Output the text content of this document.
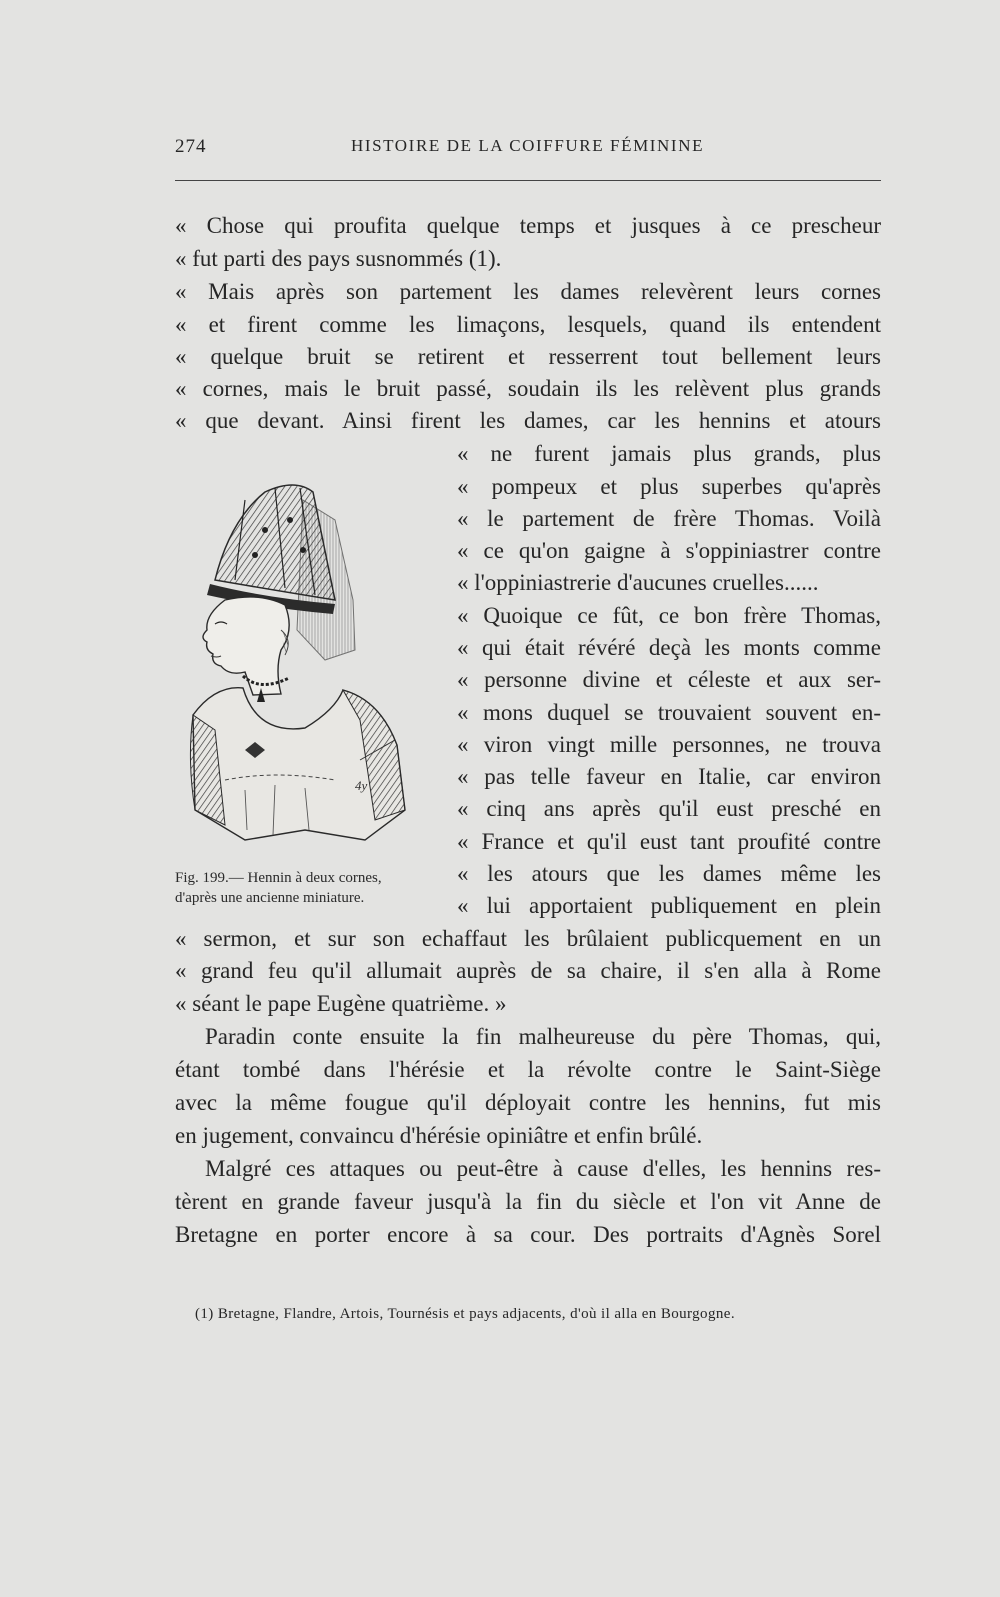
274	HISTOIRE DE LA COIFFURE FÉMININE
« Chose qui proufita quelque temps et jusques à ce prescheur
« fut parti des pays susnommés (1).
« Mais après son partement les dames relevèrent leurs cornes
« et firent comme les limaçons, lesquels, quand ils entendent
« quelque bruit se retirent et resserrent tout bellement leurs
« cornes, mais le bruit passé, soudain ils les relèvent plus grands
« que devant. Ainsi firent les dames, car les hennins et atours
« ne furent jamais plus grands, plus
« pompeux et plus superbes qu'après
« le partement de frère Thomas. Voilà
« ce qu'on gaigne à s'oppiniastrer contre
« l'oppiniastrerie d'aucunes cruelles......
« Quoique ce fût, ce bon frère Thomas,
« qui était révéré deçà les monts comme
« personne divine et céleste et aux ser-
« mons duquel se trouvaient souvent en-
« viron vingt mille personnes, ne trouva
« pas telle faveur en Italie, car environ
« cinq ans après qu'il eust presché en
« France et qu'il eust tant proufité contre
« les atours que les dames même les
« lui apportaient publiquement en plein
« sermon, et sur son echaffaut les brûlaient publicquement en un
« grand feu qu'il allumait auprès de sa chaire, il s'en alla à Rome
« séant le pape Eugène quatrième. »
Paradin conte ensuite la fin malheureuse du père Thomas, qui,
étant tombé dans l'hérésie et la révolte contre le Saint-Siège
avec la même fougue qu'il déployait contre les hennins, fut mis
en jugement, convaincu d'hérésie opiniâtre et enfin brûlé.
Malgré ces attaques ou peut-être à cause d'elles, les hennins res-
tèrent en grande faveur jusqu'à la fin du siècle et l'on vit Anne de
Bretagne en porter encore à sa cour. Des portraits d'Agnès Sorel
4y
Fig. 199.— Hennin à deux cornes,
d'après une ancienne miniature.
(1) Bretagne, Flandre, Artois, Tournésis et pays adjacents, d'où il alla en Bourgogne.
